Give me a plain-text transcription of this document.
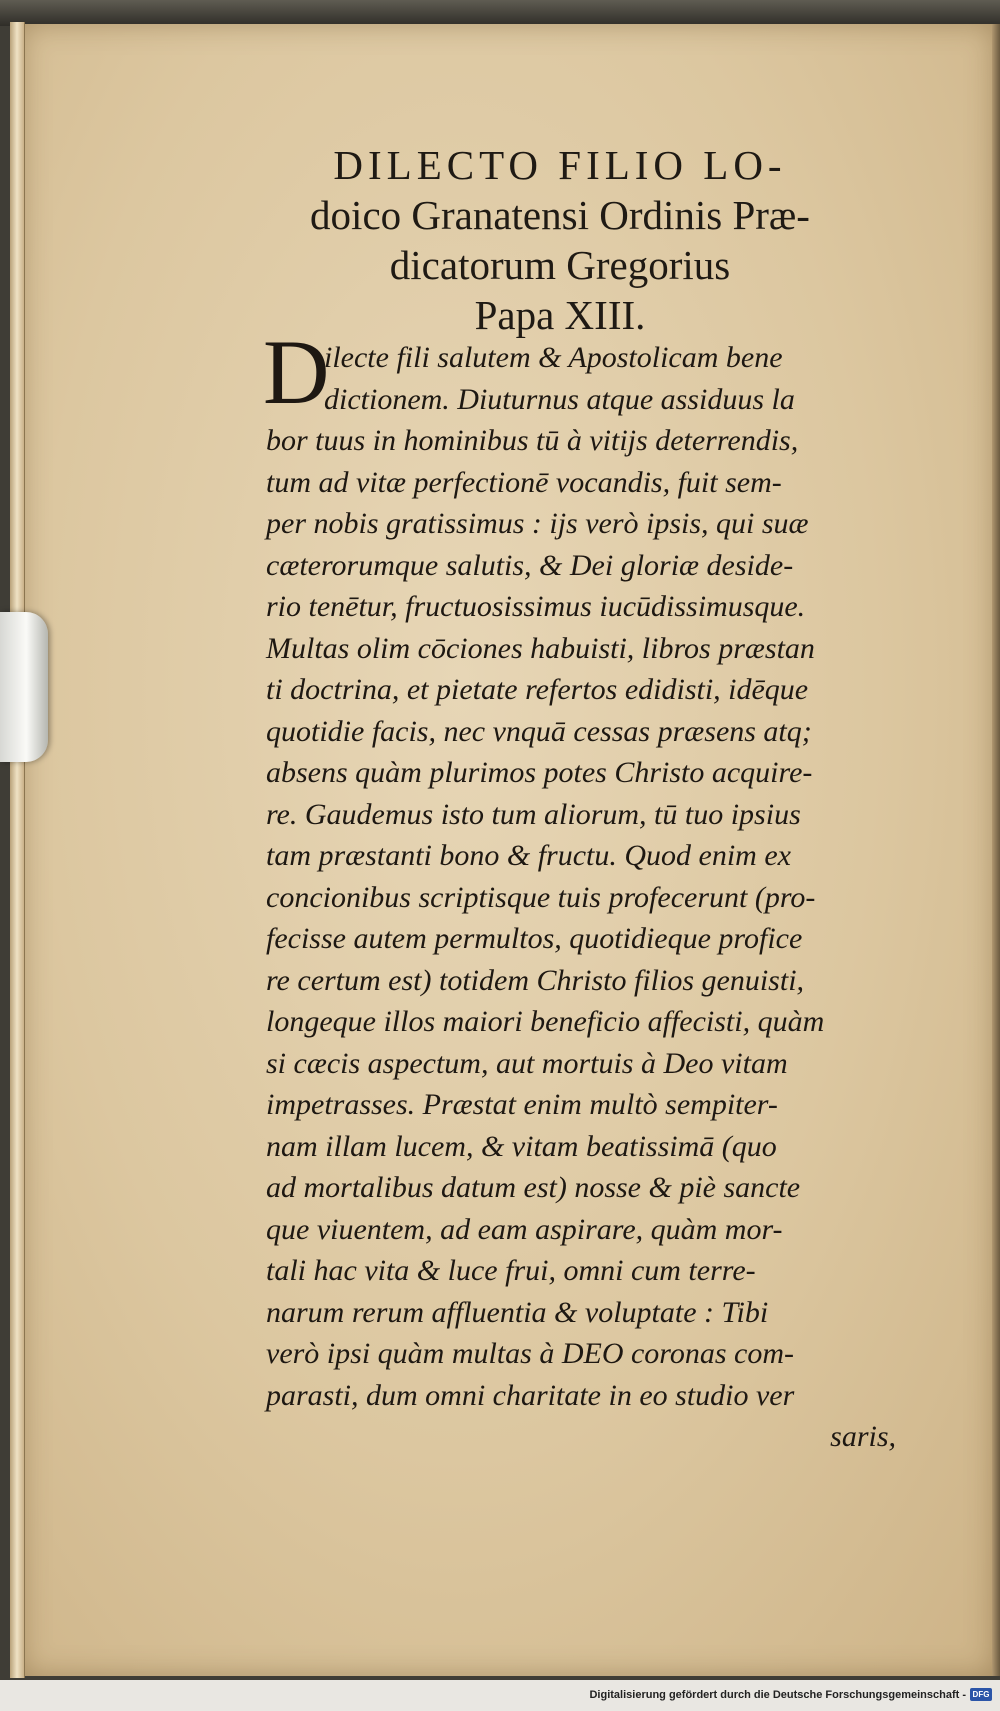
DILECTO FILIO LO-
doico Granatensi Ordinis Præ-
dicatorum Gregorius
Papa XIII.
D
ilecte fili salutem & Apostolicam bene
dictionem. Diuturnus atque assiduus la
bor tuus in hominibus tū à vitijs deterrendis,
tum ad vitæ perfectionē vocandis, fuit sem-
per nobis gratissimus : ijs verò ipsis, qui suæ
cæterorumque salutis, & Dei gloriæ deside-
rio tenētur, fructuosissimus iucūdissimusque.
Multas olim cōciones habuisti, libros præstan
ti doctrina, et pietate refertos edidisti, idēque
quotidie facis, nec vnquā cessas præsens atq;
absens quàm plurimos potes Christo acquire-
re. Gaudemus isto tum aliorum, tū tuo ipsius
tam præstanti bono & fructu. Quod enim ex
concionibus scriptisque tuis profecerunt (pro-
fecisse autem permultos, quotidieque profice
re certum est) totidem Christo filios genuisti,
longeque illos maiori beneficio affecisti, quàm
si cæcis aspectum, aut mortuis à Deo vitam
impetrasses. Præstat enim multò sempiter-
nam illam lucem, & vitam beatissimā (quo
ad mortalibus datum est) nosse & piè sancte
que viuentem, ad eam aspirare, quàm mor-
tali hac vita & luce frui, omni cum terre-
narum rerum affluentia & voluptate : Tibi
verò ipsi quàm multas à DEO coronas com-
parasti, dum omni charitate in eo studio ver
saris,
Digitalisierung gefördert durch die Deutsche Forschungsgemeinschaft - DFG
